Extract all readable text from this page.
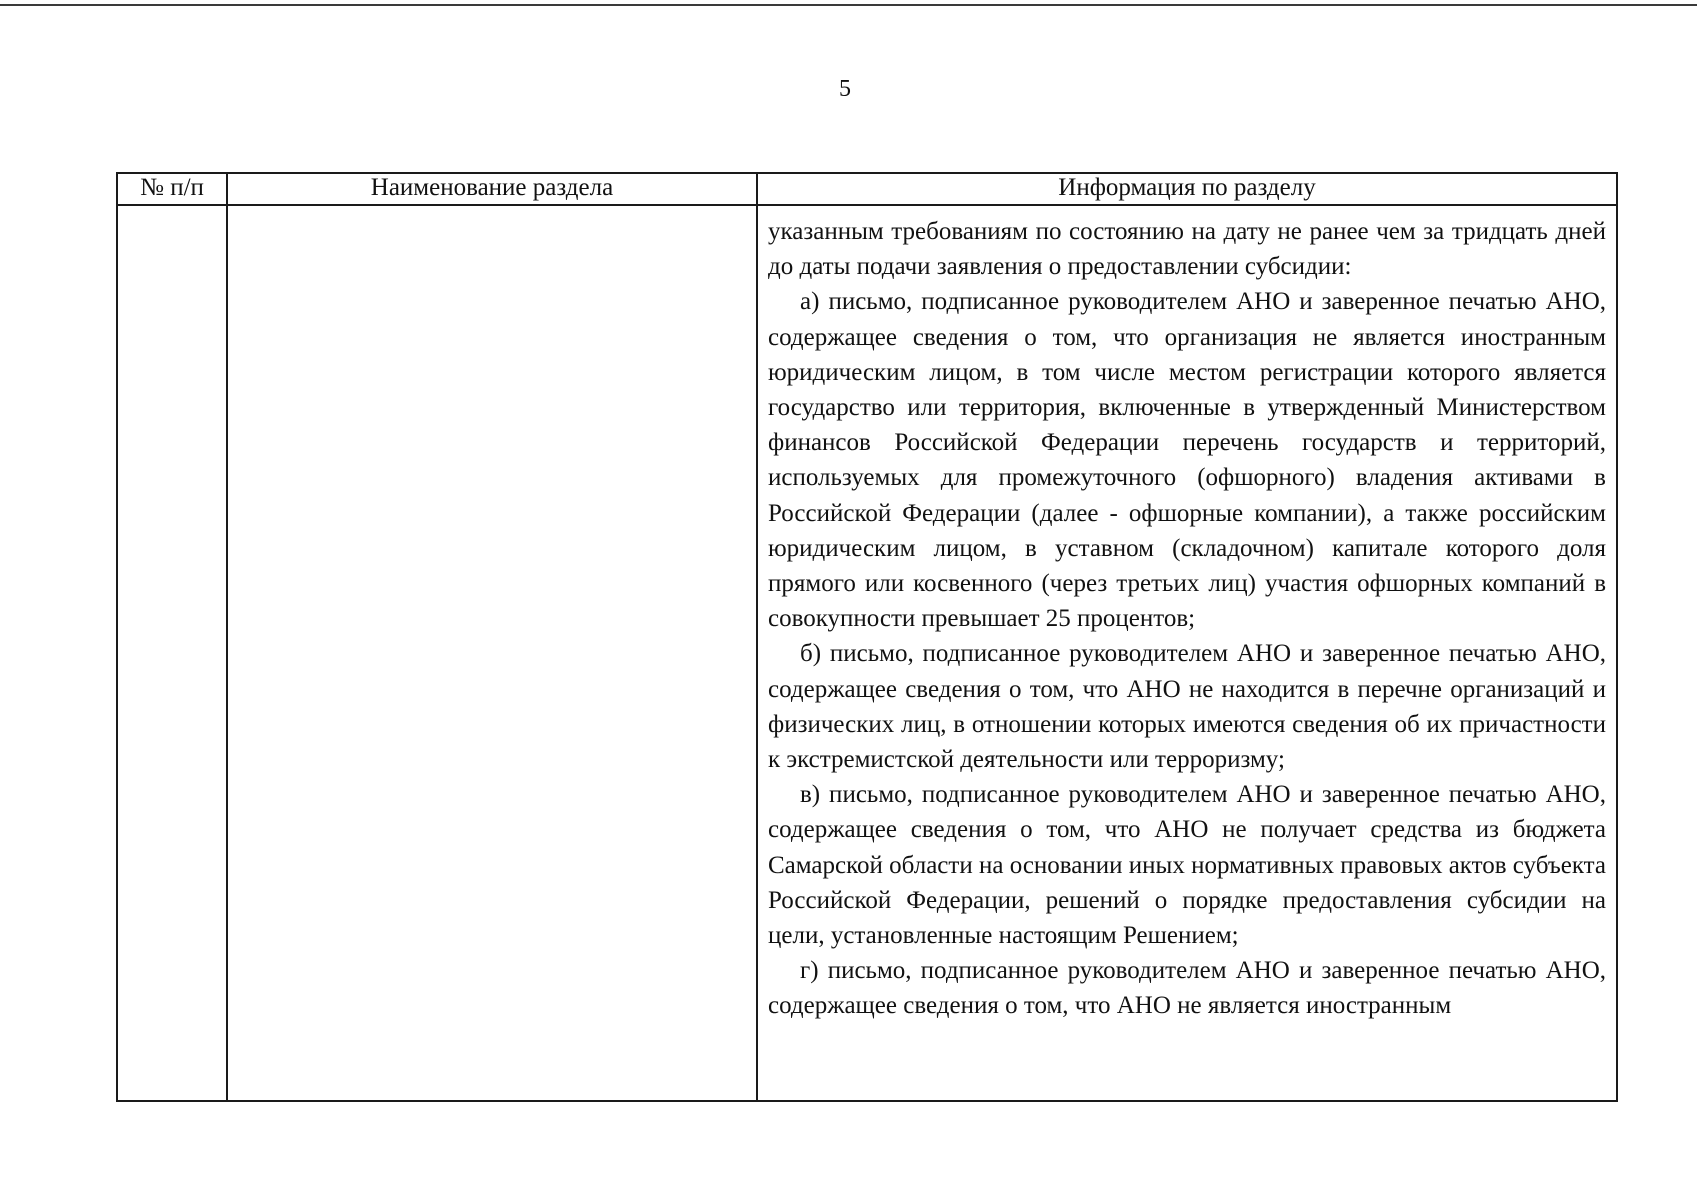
5
№ п/п	Наименование раздела	Информация по разделу

		указанным требованиям по состоянию на дату не ранее чем за тридцать дней до даты подачи заявления о предоставлении субсидии:

а) письмо, подписанное руководителем АНО и заверенное печатью АНО, содержащее сведения о том, что организация не является иностранным юридическим лицом, в том числе местом регистрации которого является государство или территория, включенные в утвержденный Министерством финансов Российской Федерации перечень государств и территорий, используемых для промежуточного (офшорного) владения активами в Российской Федерации (далее - офшорные компании), а также российским юридическим лицом, в уставном (складочном) капитале которого доля прямого или косвенного (через третьих лиц) участия офшорных компаний в совокупности превышает 25 процентов;

б) письмо, подписанное руководителем АНО и заверенное печатью АНО, содержащее сведения о том, что АНО не находится в перечне организаций и физических лиц, в отношении которых имеются сведения об их причастности к экстремистской деятельности или терроризму;

в) письмо, подписанное руководителем АНО и заверенное печатью АНО, содержащее сведения о том, что АНО не получает средства из бюджета Самарской области на основании иных нормативных правовых актов субъекта Российской Федерации, решений о порядке предоставления субсидии на цели, установленные настоящим Решением;

г) письмо, подписанное руководителем АНО и заверенное печатью АНО, содержащее сведения о том, что АНО не является иностранным
